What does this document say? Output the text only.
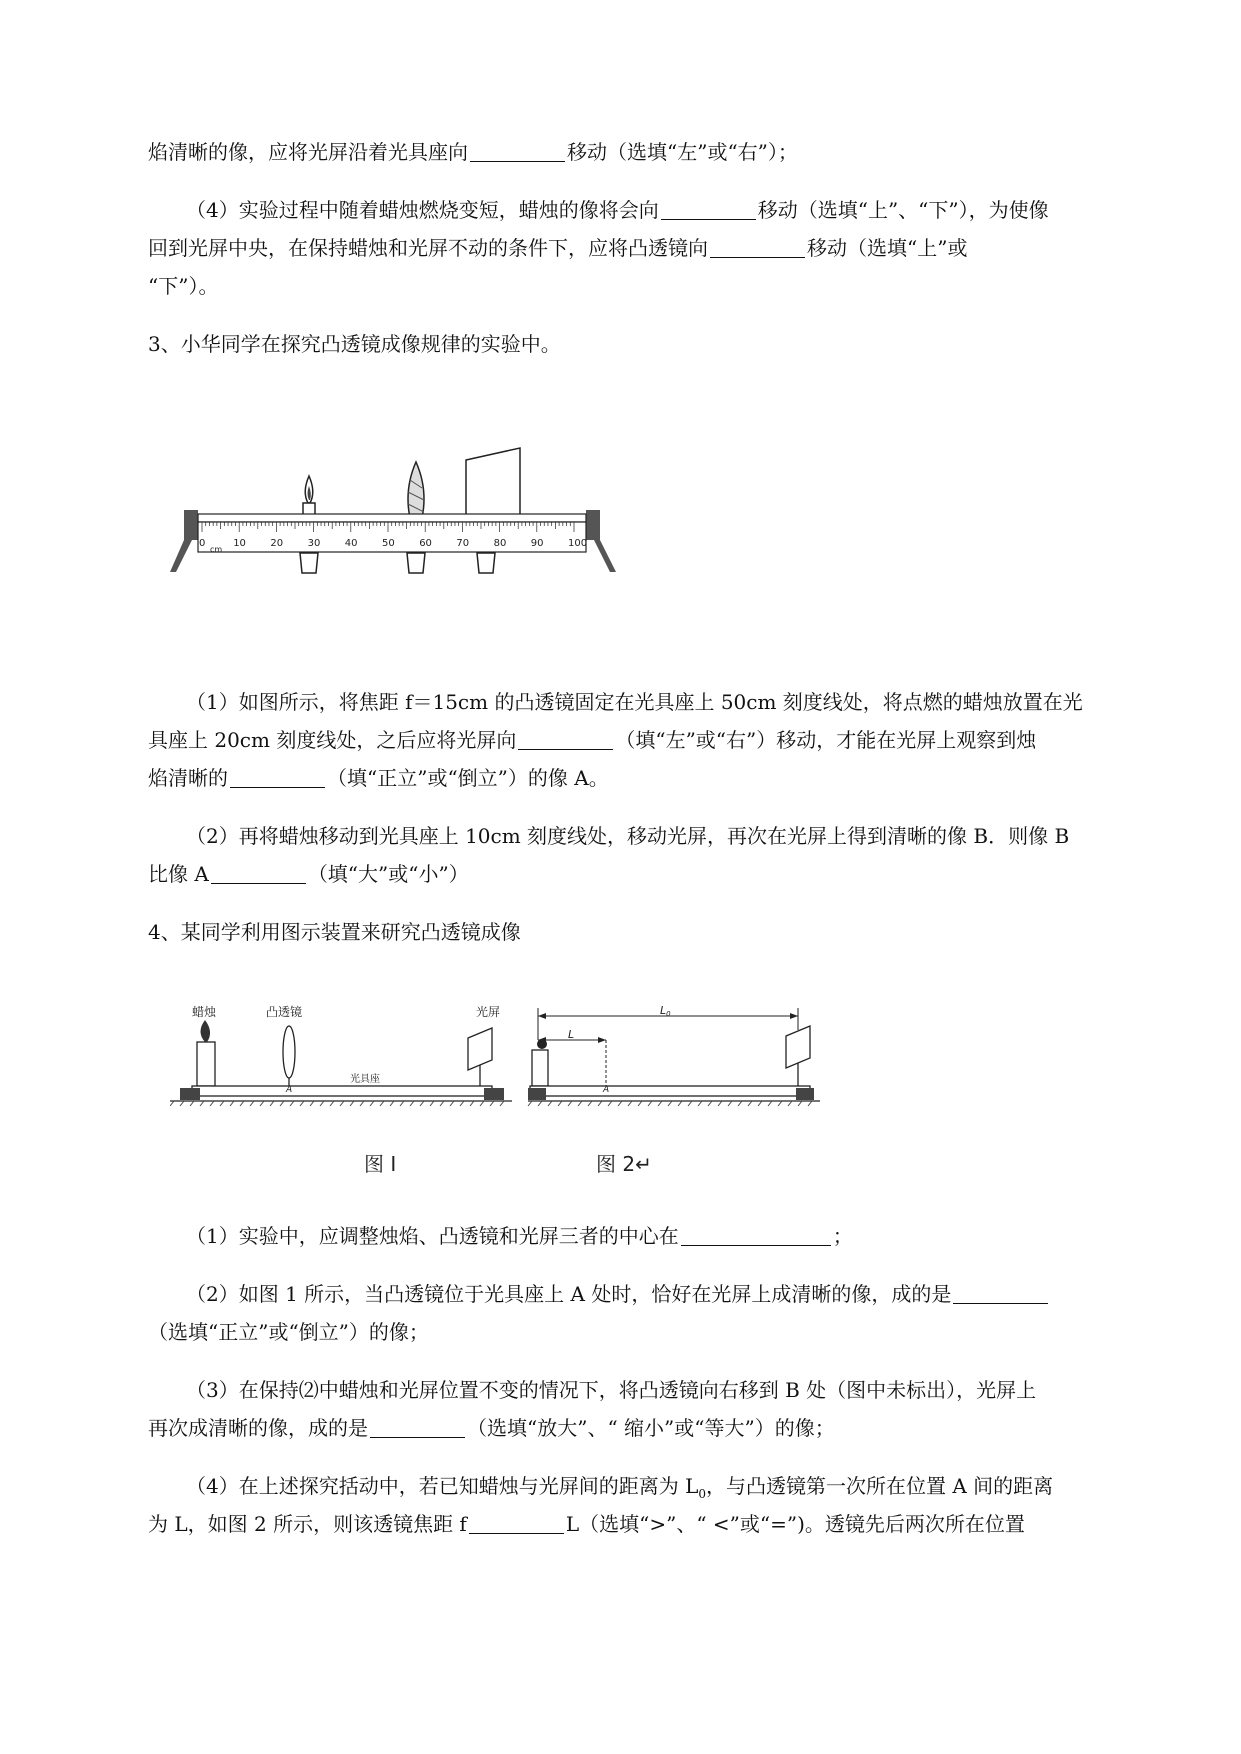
焰清晰的像，应将光屏沿着光具座向	移动（选填“左”或“右”）；
（4）实验过程中随着蜡烛燃烧变短，蜡烛的像将会向	移动（选填“上”、“下”），为使像
回到光屏中央，在保持蜡烛和光屏不动的条件下，应将凸透镜向	移动（选填“上”或
“下”）。
3、小华同学在探究凸透镜成像规律的实验中。
0	10 20 30 40 50 60 70 80 90 100
cm
（1）如图所示，将焦距 f＝15cm 的凸透镜固定在光具座上 50cm 刻度线处，将点燃的蜡烛放置在光
具座上 20cm 刻度线处，之后应将光屏向	（填“左”或“右”）移动，才能在光屏上观察到烛
焰清晰的	（填“正立”或“倒立”）的像 A。
（2）再将蜡烛移动到光具座上 10cm 刻度线处，移动光屏，再次在光屏上得到清晰的像 B．则像 B
比像 A	（填“大”或“小”）
4、某同学利用图示装置来研究凸透镜成像
蜡烛	凸透镜	光屏
光具座
A
L0
L
A
图 I	图 2↵
（1）实验中，应调整烛焰、凸透镜和光屏三者的中心在	；
（2）如图 1 所示，当凸透镜位于光具座上 A 处时，恰好在光屏上成清晰的像，成的是
（选填“正立”或“倒立”）的像；
（3）在保持⑵中蜡烛和光屏位置不变的情况下，将凸透镜向右移到 B 处（图中未标出），光屏上
再次成清晰的像，成的是	（选填“放大”、“ 缩小”或“等大”）的像；
（4）在上述探究括动中，若已知蜡烛与光屏间的距离为 $L_0$，与凸透镜第一次所在位置 A 间的距离
为 L，如图 2 所示，则该透镜焦距 f	L（选填“>”、“ <”或“=”)。透镜先后两次所在位置
